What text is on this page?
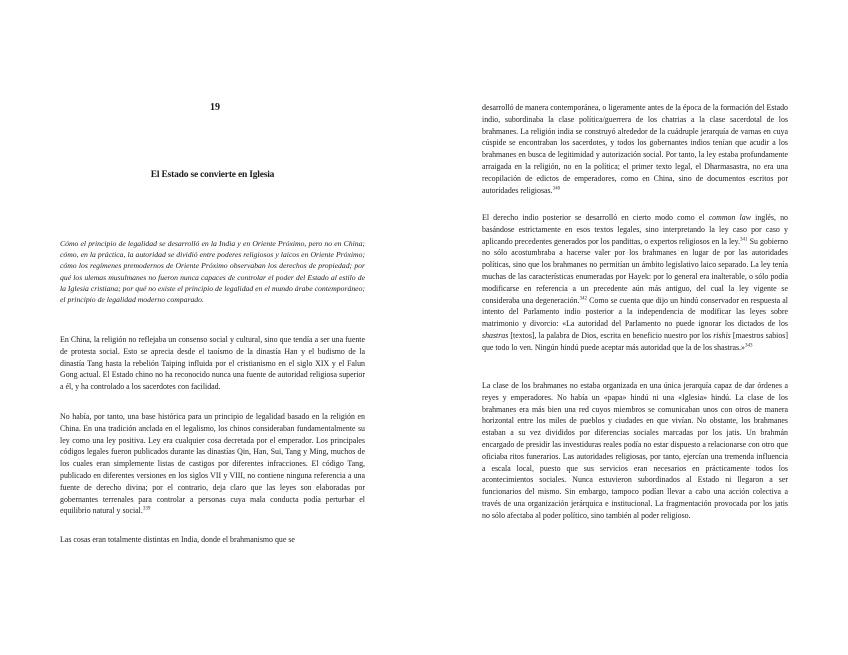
19
El Estado se convierte en Iglesia

Cómo el principio de legalidad se desarrolló en la India y en Oriente Próximo, pero no en China; cómo, en la práctica, la autoridad se dividió entre poderes religiosos y laicos en Oriente Próximo; cómo los regímenes premodernos de Oriente Próximo observaban los derechos de propiedad; por qué los ulemas musulmanes no fueron nunca capaces de controlar el poder del Estado al estilo de la Iglesia cristiana; por qué no existe el principio de legalidad en el mundo árabe contemporáneo; el principio de legalidad moderno comparado.

En China, la religión no reflejaba un consenso social y cultural, sino que tendía a ser una fuente de protesta social. Esto se aprecia desde el taoísmo de la dinastía Han y el budismo de la dinastía Tang hasta la rebelión Taiping influida por el cristianismo en el siglo XIX y el Falun Gong actual. El Estado chino no ha reconocido nunca una fuente de autoridad religiosa superior a él, y ha controlado a los sacerdotes con facilidad.

No había, por tanto, una base histórica para un principio de legalidad basado en la religión en China. En una tradición anclada en el legalismo, los chinos consideraban fundamentalmente su ley como una ley positiva. Ley era cualquier cosa decretada por el emperador. Los principales códigos legales fueron publicados durante las dinastías Qin, Han, Sui, Tang y Ming, muchos de los cuales eran simplemente listas de castigos por diferentes infracciones. El código Tang, publicado en diferentes versiones en los siglos VII y VIII, no contiene ninguna referencia a una fuente de derecho divina; por el contrario, deja claro que las leyes son elaboradas por gobernantes terrenales para controlar a personas cuya mala conducta podía perturbar el equilibrio natural y social.$^{339}$

Las cosas eran totalmente distintas en India, donde el brahmanismo que se

desarrolló de manera contemporánea, o ligeramente antes de la época de la formación del Estado indio, subordinaba la clase política/guerrera de los chatrias a la clase sacerdotal de los brahmanes. La religión india se construyó alrededor de la cuádruple jerarquía de varnas en cuya cúspide se encontraban los sacerdotes, y todos los gobernantes indios tenían que acudir a los brahmanes en busca de legitimidad y autorización social. Por tanto, la ley estaba profundamente arraigada en la religión, no en la política; el primer texto legal, el Dharmasastra, no era una recopilación de edictos de emperadores, como en China, sino de documentos escritos por autoridades religiosas.$^{340}$

El derecho indio posterior se desarrolló en cierto modo como el common law inglés, no basándose estrictamente en esos textos legales, sino interpretando la ley caso por caso y aplicando precedentes generados por los pandittas, o expertos religiosos en la ley.$^{341}$ Su gobierno no sólo acostumbraba a hacerse valer por los brahmanes en lugar de por las autoridades políticas, sino que los brahmanes no permitían un ámbito legislativo laico separado. La ley tenía muchas de las características enumeradas por Hayek: por lo general era inalterable, o sólo podía modificarse en referencia a un precedente aún más antiguo, del cual la ley vigente se consideraba una degeneración.$^{342}$ Como se cuenta que dijo un hindú conservador en respuesta al intento del Parlamento indio posterior a la independencia de modificar las leyes sobre matrimonio y divorcio: «La autoridad del Parlamento no puede ignorar los dictados de los shastras [textos], la palabra de Dios, escrita en beneficio nuestro por los rishis [maestros sabios] que todo lo ven. Ningún hindú puede aceptar más autoridad que la de los shastras.»$^{343}$

La clase de los brahmanes no estaba organizada en una única jerarquía capaz de dar órdenes a reyes y emperadores. No había un «papa» hindú ni una «Iglesia» hindú. La clase de los brahmanes era más bien una red cuyos miembros se comunicaban unos con otros de manera horizontal entre los miles de pueblos y ciudades en que vivían. No obstante, los brahmanes estaban a su vez divididos por diferencias sociales marcadas por los jatis. Un brahmán encargado de presidir las investiduras reales podía no estar dispuesto a relacionarse con otro que oficiaba ritos funerarios. Las autoridades religiosas, por tanto, ejercían una tremenda influencia a escala local, puesto que sus servicios eran necesarios en prácticamente todos los acontecimientos sociales. Nunca estuvieron subordinados al Estado ni llegaron a ser funcionarios del mismo. Sin embargo, tampoco podían llevar a cabo una acción colectiva a través de una organización jerárquica e institucional. La fragmentación provocada por los jatis no sólo afectaba al poder político, sino también al poder religioso.
